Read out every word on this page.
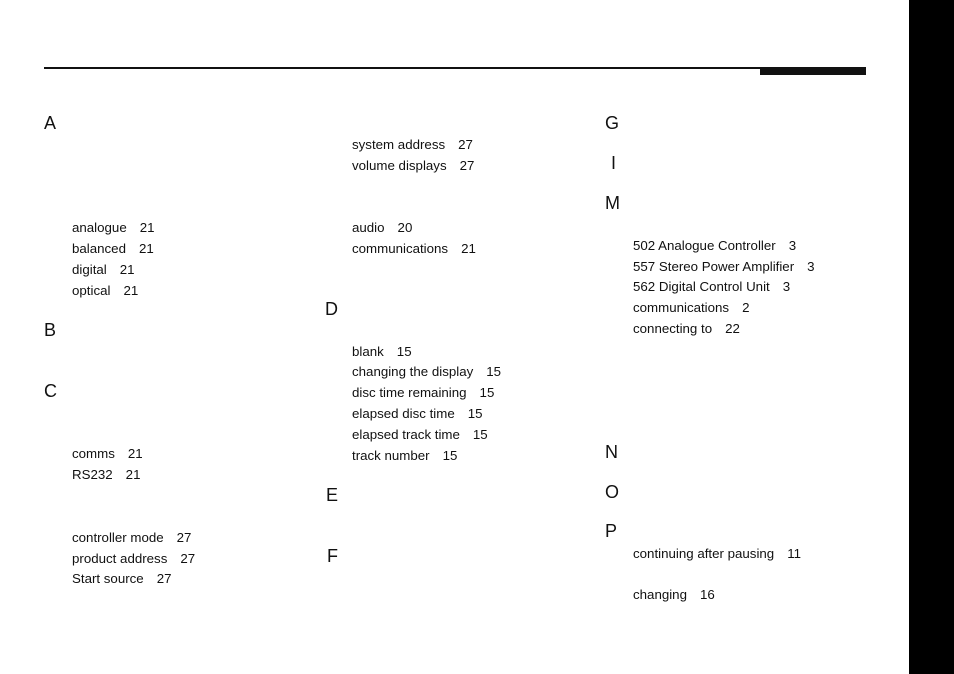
A
B
C
D
E
F
G
I
M
N
O
P
analogue 21
balanced 21
digital 21
optical 21
comms 21
RS232 21
controller mode 27
product address 27
Start source 27
system address 27
volume displays 27
audio 20
communications 21
blank 15
changing the display 15
disc time remaining 15
elapsed disc time 15
elapsed track time 15
track number 15
502 Analogue Controller 3
557 Stereo Power Amplifier 3
562 Digital Control Unit 3
communications 2
connecting to 22
continuing after pausing 11
changing 16
